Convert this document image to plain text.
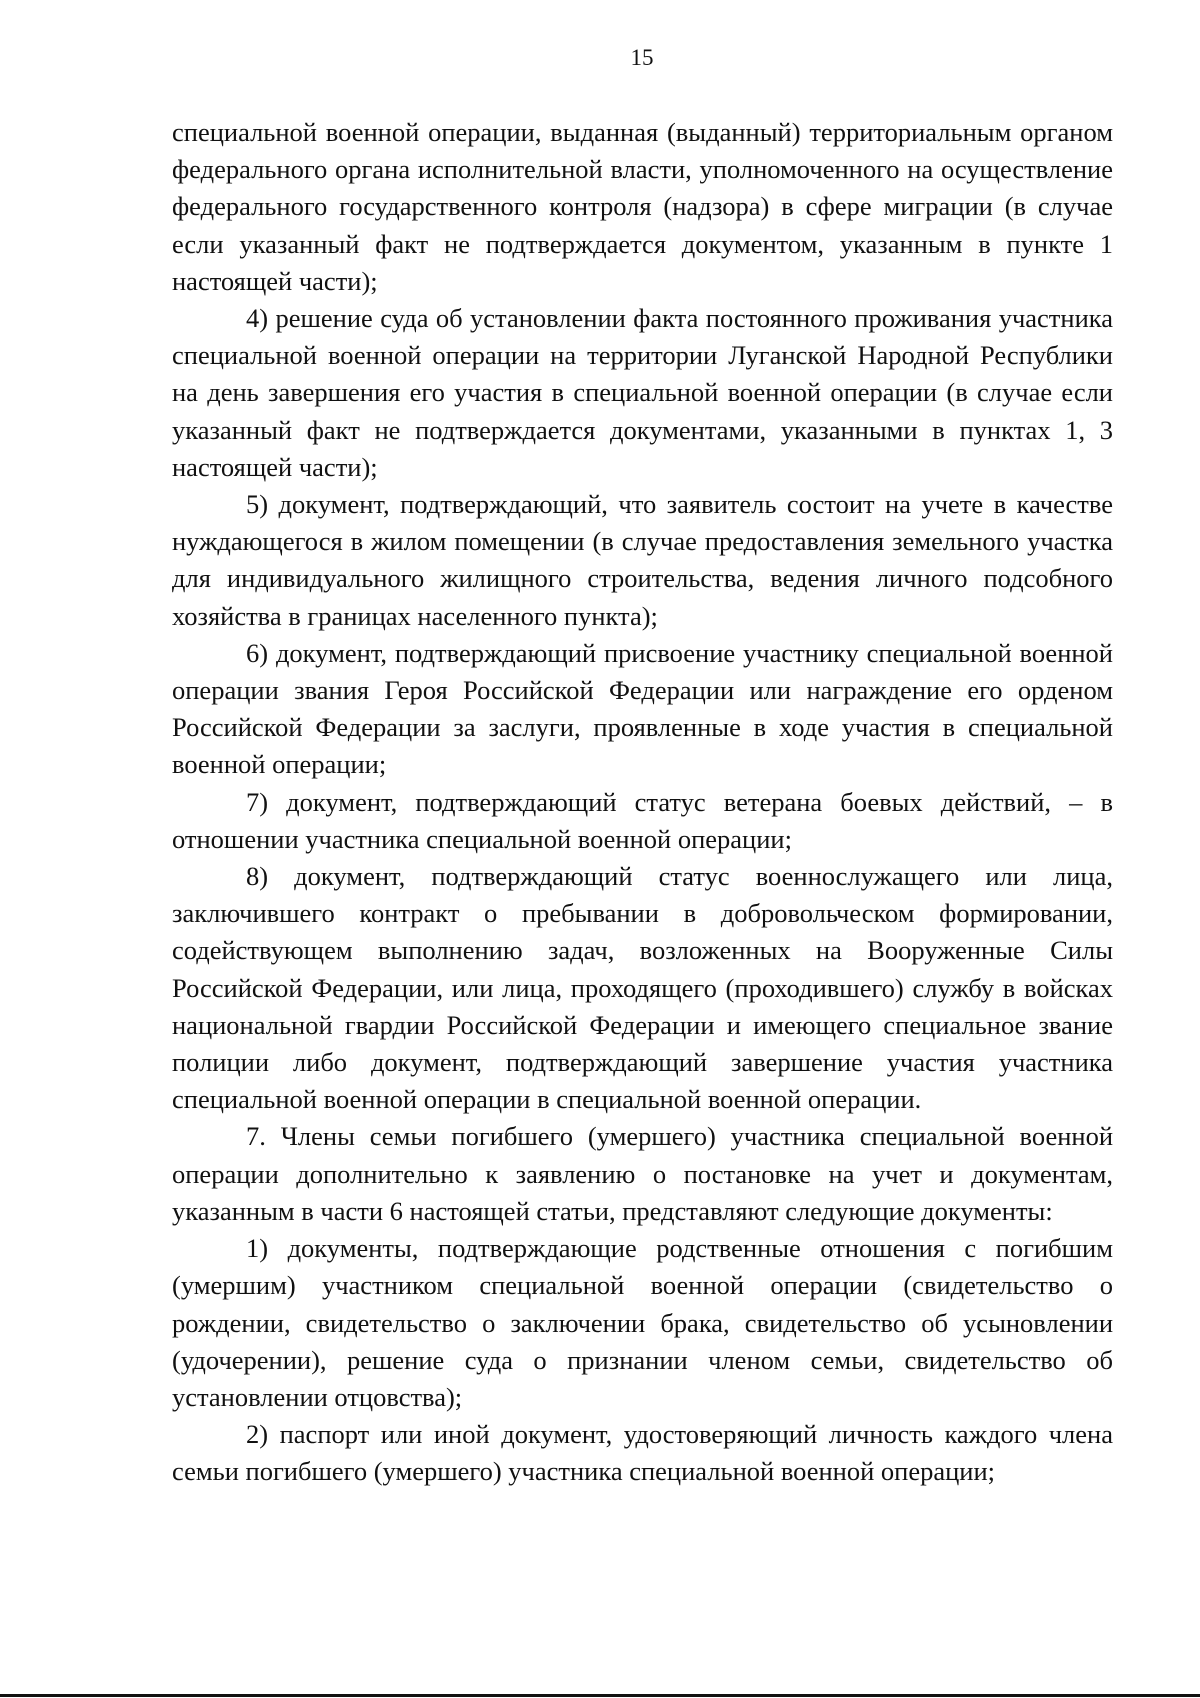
15

специальной военной операции, выданная (выданный) территориальным органом федерального органа исполнительной власти, уполномоченного на осуществление федерального государственного контроля (надзора) в сфере миграции (в случае если указанный факт не подтверждается документом, указанным в пункте 1 настоящей части);

4) решение суда об установлении факта постоянного проживания участника специальной военной операции на территории Луганской Народной Республики на день завершения его участия в специальной военной операции (в случае если указанный факт не подтверждается документами, указанными в пунктах 1, 3 настоящей части);

5) документ, подтверждающий, что заявитель состоит на учете в качестве нуждающегося в жилом помещении (в случае предоставления земельного участка для индивидуального жилищного строительства, ведения личного подсобного хозяйства в границах населенного пункта);

6) документ, подтверждающий присвоение участнику специальной военной операции звания Героя Российской Федерации или награждение его орденом Российской Федерации за заслуги, проявленные в ходе участия в специальной военной операции;

7) документ, подтверждающий статус ветерана боевых действий, – в отношении участника специальной военной операции;

8) документ, подтверждающий статус военнослужащего или лица, заключившего контракт о пребывании в добровольческом формировании, содействующем выполнению задач, возложенных на Вооруженные Силы Российской Федерации, или лица, проходящего (проходившего) службу в войсках национальной гвардии Российской Федерации и имеющего специальное звание полиции либо документ, подтверждающий завершение участия участника специальной военной операции в специальной военной операции.

7. Члены семьи погибшего (умершего) участника специальной военной операции дополнительно к заявлению о постановке на учет и документам, указанным в части 6 настоящей статьи, представляют следующие документы:

1) документы, подтверждающие родственные отношения с погибшим (умершим) участником специальной военной операции (свидетельство о рождении, свидетельство о заключении брака, свидетельство об усыновлении (удочерении), решение суда о признании членом семьи, свидетельство об установлении отцовства);

2) паспорт или иной документ, удостоверяющий личность каждого члена семьи погибшего (умершего) участника специальной военной операции;
